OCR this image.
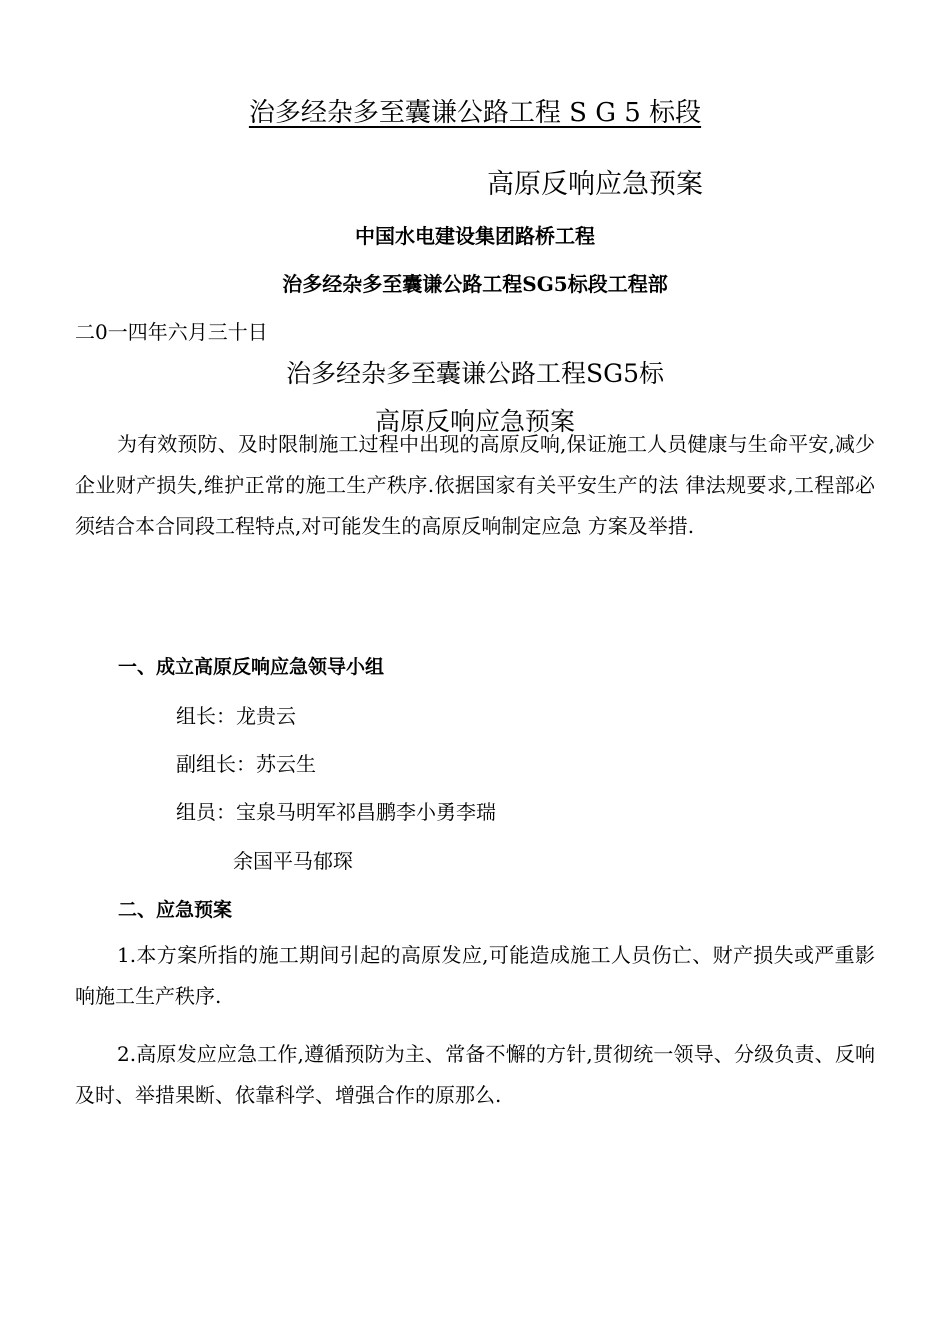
治多经杂多至囊谦公路工程 S G 5 标段
高原反响应急预案
中国水电建设集团路桥工程
治多经杂多至囊谦公路工程SG5标段工程部
二0一四年六月三十日
治多经杂多至囊谦公路工程SG5标
高原反响应急预案
为有效预防、及时限制施工过程中出现的高原反响,保证施工人员健康与生命平安,减少企业财产损失,维护正常的施工生产秩序.依据国家有关平安生产的法 律法规要求,工程部必须结合本合同段工程特点,对可能发生的高原反响制定应急 方案及举措.
一、成立高原反响应急领导小组
组长：龙贵云
副组长：苏云生
组员：宝泉马明军祁昌鹏李小勇李瑞
余国平马郁琛
二、应急预案
1.本方案所指的施工期间引起的高原发应,可能造成施工人员伤亡、财产损失或严重影响施工生产秩序.
2.高原发应应急工作,遵循预防为主、常备不懈的方针,贯彻统一领导、分级负责、反响及时、举措果断、依靠科学、增强合作的原那么.
